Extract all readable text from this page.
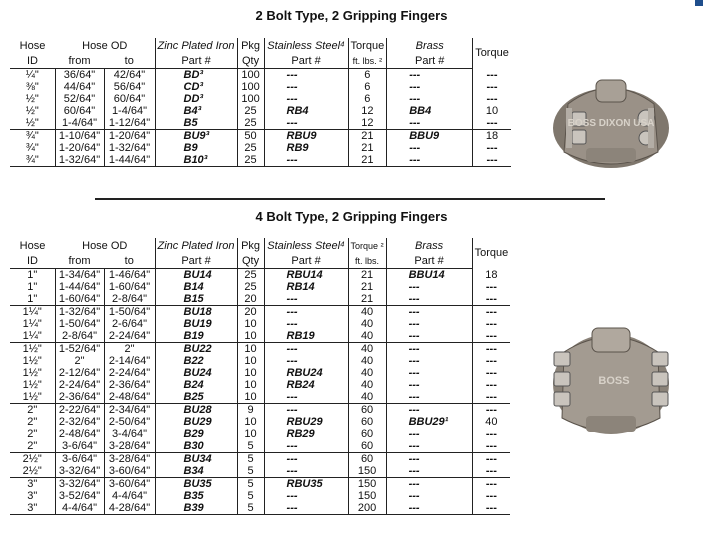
2 Bolt Type, 2 Gripping Fingers
Hose	Hose OD		Zinc Plated Iron	Pkg	Stainless Steel⁴	Torque	Brass	Torque
ID	from	to	Part #	Qty	Part #	ft. lbs. ²	Part #	
¼"	36/64"	42/64"	BD³	100	---	6	---	---
⅜"	44/64"	56/64"	CD³	100	---	6	---	---
½"	52/64"	60/64"	DD³	100	---	6	---	---
½"	60/64"	1-4/64"	B4³	25	RB4	12	BB4	10
½"	1-4/64"	1-12/64"	B5	25	---	12	---	---
¾"	1-10/64"	1-20/64"	BU9³	50	RBU9	21	BBU9	18
¾"	1-20/64"	1-32/64"	B9	25	RB9	21	---	---
¾"	1-32/64"	1-44/64"	B10³	25	---	21	---	---
BOSS DIXON USA
4 Bolt Type, 2 Gripping Fingers
Hose	Hose OD		Zinc Plated Iron	Pkg	Stainless Steel⁴	Torque ²	Brass	Torque
ID	from	to	Part #	Qty	Part #	ft. lbs.	Part #	
1"	1-34/64"	1-46/64"	BU14	25	RBU14	21	BBU14	18
1"	1-44/64"	1-60/64"	B14	25	RB14	21	---	---
1"	1-60/64"	2-8/64"	B15	20	---	21	---	---
1¼"	1-32/64"	1-50/64"	BU18	20	---	40	---	---
1¼"	1-50/64"	2-6/64"	BU19	10	---	40	---	---
1¼"	2-8/64"	2-24/64"	B19	10	RB19	40	---	---
1½"	1-52/64"	2"	BU22	10	---	40	---	---
1½"	2"	2-14/64"	B22	10	---	40	---	---
1½"	2-12/64"	2-24/64"	BU24	10	RBU24	40	---	---
1½"	2-24/64"	2-36/64"	B24	10	RB24	40	---	---
1½"	2-36/64"	2-48/64"	B25	10	---	40	---	---
2"	2-22/64"	2-34/64"	BU28	9	---	60	---	---
2"	2-32/64"	2-50/64"	BU29	10	RBU29	60	BBU29¹	40
2"	2-48/64"	3-4/64"	B29	10	RB29	60	---	---
2"	3-6/64"	3-28/64"	B30	5	---	60	---	---
2½"	3-6/64"	3-28/64"	BU34	5	---	60	---	---
2½"	3-32/64"	3-60/64"	B34	5	---	150	---	---
3"	3-32/64"	3-60/64"	BU35	5	RBU35	150	---	---
3"	3-52/64"	4-4/64"	B35	5	---	150	---	---
3"	4-4/64"	4-28/64"	B39	5	---	200	---	---
BOSS
